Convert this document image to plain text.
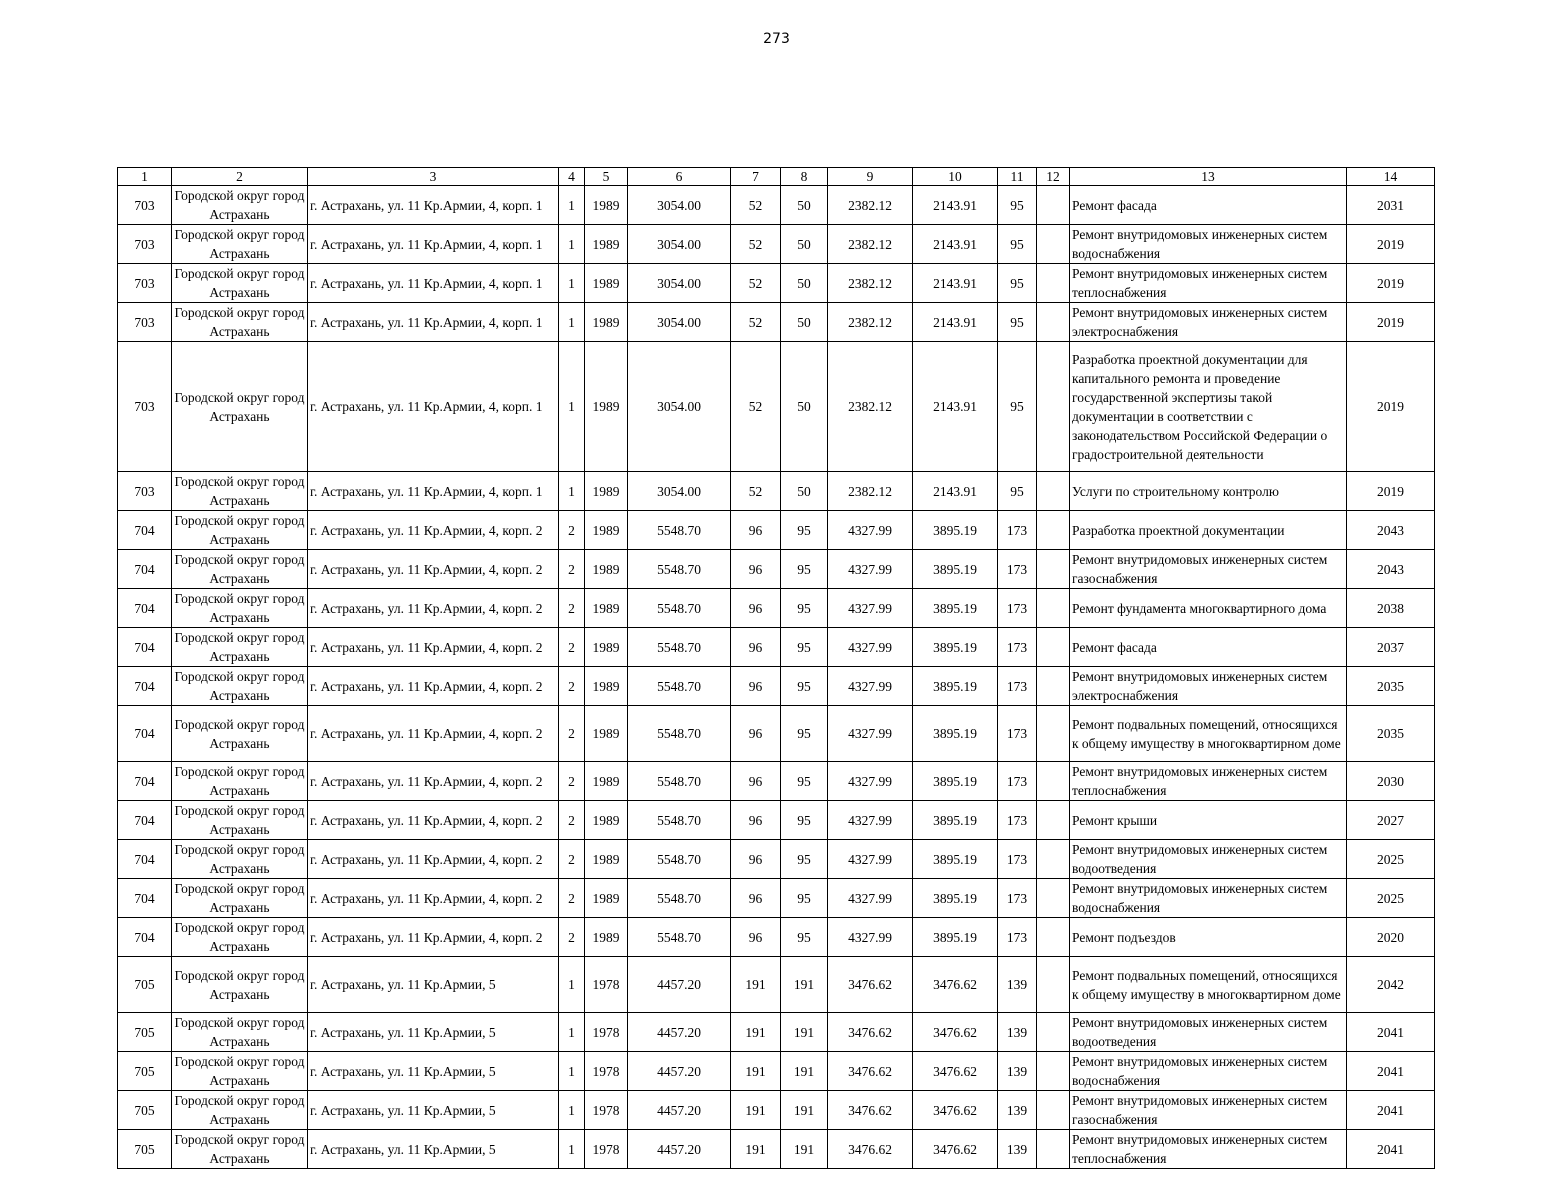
273
1	2	3	4	5	6	7	8	9	10	11	12	13	14
703	Городской округ город Астрахань	г. Астрахань, ул. 11 Кр.Армии, 4, корп. 1	1	1989	3054.00	52	50	2382.12	2143.91	95		Ремонт фасада	2031
703	Городской округ город Астрахань	г. Астрахань, ул. 11 Кр.Армии, 4, корп. 1	1	1989	3054.00	52	50	2382.12	2143.91	95		Ремонт внутридомовых инженерных систем водоснабжения	2019
703	Городской округ город Астрахань	г. Астрахань, ул. 11 Кр.Армии, 4, корп. 1	1	1989	3054.00	52	50	2382.12	2143.91	95		Ремонт внутридомовых инженерных систем теплоснабжения	2019
703	Городской округ город Астрахань	г. Астрахань, ул. 11 Кр.Армии, 4, корп. 1	1	1989	3054.00	52	50	2382.12	2143.91	95		Ремонт внутридомовых инженерных систем электроснабжения	2019
703	Городской округ город Астрахань	г. Астрахань, ул. 11 Кр.Армии, 4, корп. 1	1	1989	3054.00	52	50	2382.12	2143.91	95		Разработка проектной документации для капитального ремонта и проведение государственной экспертизы такой документации в соответствии с законодательством Российской Федерации о градостроительной деятельности	2019
703	Городской округ город Астрахань	г. Астрахань, ул. 11 Кр.Армии, 4, корп. 1	1	1989	3054.00	52	50	2382.12	2143.91	95		Услуги по строительному контролю	2019
704	Городской округ город Астрахань	г. Астрахань, ул. 11 Кр.Армии, 4, корп. 2	2	1989	5548.70	96	95	4327.99	3895.19	173		Разработка проектной документации	2043
704	Городской округ город Астрахань	г. Астрахань, ул. 11 Кр.Армии, 4, корп. 2	2	1989	5548.70	96	95	4327.99	3895.19	173		Ремонт внутридомовых инженерных систем газоснабжения	2043
704	Городской округ город Астрахань	г. Астрахань, ул. 11 Кр.Армии, 4, корп. 2	2	1989	5548.70	96	95	4327.99	3895.19	173		Ремонт фундамента многоквартирного дома	2038
704	Городской округ город Астрахань	г. Астрахань, ул. 11 Кр.Армии, 4, корп. 2	2	1989	5548.70	96	95	4327.99	3895.19	173		Ремонт фасада	2037
704	Городской округ город Астрахань	г. Астрахань, ул. 11 Кр.Армии, 4, корп. 2	2	1989	5548.70	96	95	4327.99	3895.19	173		Ремонт внутридомовых инженерных систем электроснабжения	2035
704	Городской округ город Астрахань	г. Астрахань, ул. 11 Кр.Армии, 4, корп. 2	2	1989	5548.70	96	95	4327.99	3895.19	173		Ремонт подвальных помещений, относящихся к общему имуществу в многоквартирном доме	2035
704	Городской округ город Астрахань	г. Астрахань, ул. 11 Кр.Армии, 4, корп. 2	2	1989	5548.70	96	95	4327.99	3895.19	173		Ремонт внутридомовых инженерных систем теплоснабжения	2030
704	Городской округ город Астрахань	г. Астрахань, ул. 11 Кр.Армии, 4, корп. 2	2	1989	5548.70	96	95	4327.99	3895.19	173		Ремонт крыши	2027
704	Городской округ город Астрахань	г. Астрахань, ул. 11 Кр.Армии, 4, корп. 2	2	1989	5548.70	96	95	4327.99	3895.19	173		Ремонт внутридомовых инженерных систем водоотведения	2025
704	Городской округ город Астрахань	г. Астрахань, ул. 11 Кр.Армии, 4, корп. 2	2	1989	5548.70	96	95	4327.99	3895.19	173		Ремонт внутридомовых инженерных систем водоснабжения	2025
704	Городской округ город Астрахань	г. Астрахань, ул. 11 Кр.Армии, 4, корп. 2	2	1989	5548.70	96	95	4327.99	3895.19	173		Ремонт подъездов	2020
705	Городской округ город Астрахань	г. Астрахань, ул. 11 Кр.Армии, 5	1	1978	4457.20	191	191	3476.62	3476.62	139		Ремонт подвальных помещений, относящихся к общему имуществу в многоквартирном доме	2042
705	Городской округ город Астрахань	г. Астрахань, ул. 11 Кр.Армии, 5	1	1978	4457.20	191	191	3476.62	3476.62	139		Ремонт внутридомовых инженерных систем водоотведения	2041
705	Городской округ город Астрахань	г. Астрахань, ул. 11 Кр.Армии, 5	1	1978	4457.20	191	191	3476.62	3476.62	139		Ремонт внутридомовых инженерных систем водоснабжения	2041
705	Городской округ город Астрахань	г. Астрахань, ул. 11 Кр.Армии, 5	1	1978	4457.20	191	191	3476.62	3476.62	139		Ремонт внутридомовых инженерных систем газоснабжения	2041
705	Городской округ город Астрахань	г. Астрахань, ул. 11 Кр.Армии, 5	1	1978	4457.20	191	191	3476.62	3476.62	139		Ремонт внутридомовых инженерных систем теплоснабжения	2041
